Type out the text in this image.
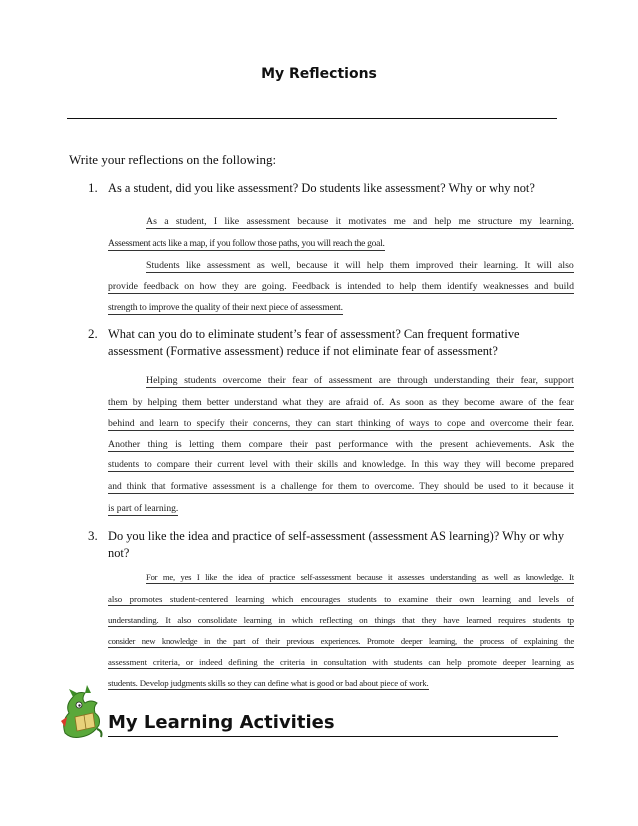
My Reflections
Write your reflections on the following:
1. As a student, did you like assessment? Do students like assessment? Why or why not?
As a student, I like assessment because it motivates me and help me structure my learning.
Assessment acts like a map, if you follow those paths, you will reach the goal.
Students like assessment as well, because it will help them improved their learning. It will also
provide feedback on how they are going. Feedback is intended to help them identify weaknesses and build
strength to improve the quality of their next piece of assessment.
2. What can you do to eliminate student’s fear of assessment? Can frequent formative
assessment (Formative assessment) reduce if not eliminate fear of assessment?
Helping students overcome their fear of assessment are through understanding their fear, support
them by helping them better understand what they are afraid of. As soon as they become aware of the fear
behind and learn to specify their concerns, they can start thinking of ways to cope and overcome their fear.
Another thing is letting them compare their past performance with the present achievements. Ask the
students to compare their current level with their skills and knowledge. In this way they will become prepared
and think that formative assessment is a challenge for them to overcome. They should be used to it because it
is part of learning.
3. Do you like the idea and practice of self-assessment (assessment AS learning)? Why or why
not?
For me, yes I like the idea of practice self-assessment because it assesses understanding as well as knowledge. It
also promotes student-centered learning which encourages students to examine their own learning and levels of
understanding. It also consolidate learning in which reflecting on things that they have learned requires students tp
consider new knowledge in the part of their previous experiences. Promote deeper learning, the process of explaining the
assessment criteria, or indeed defining the criteria in consultation with students can help promote deeper learning as
students. Develop judgments skills so they can define what is good or bad about piece of work.
My Learning Activities
